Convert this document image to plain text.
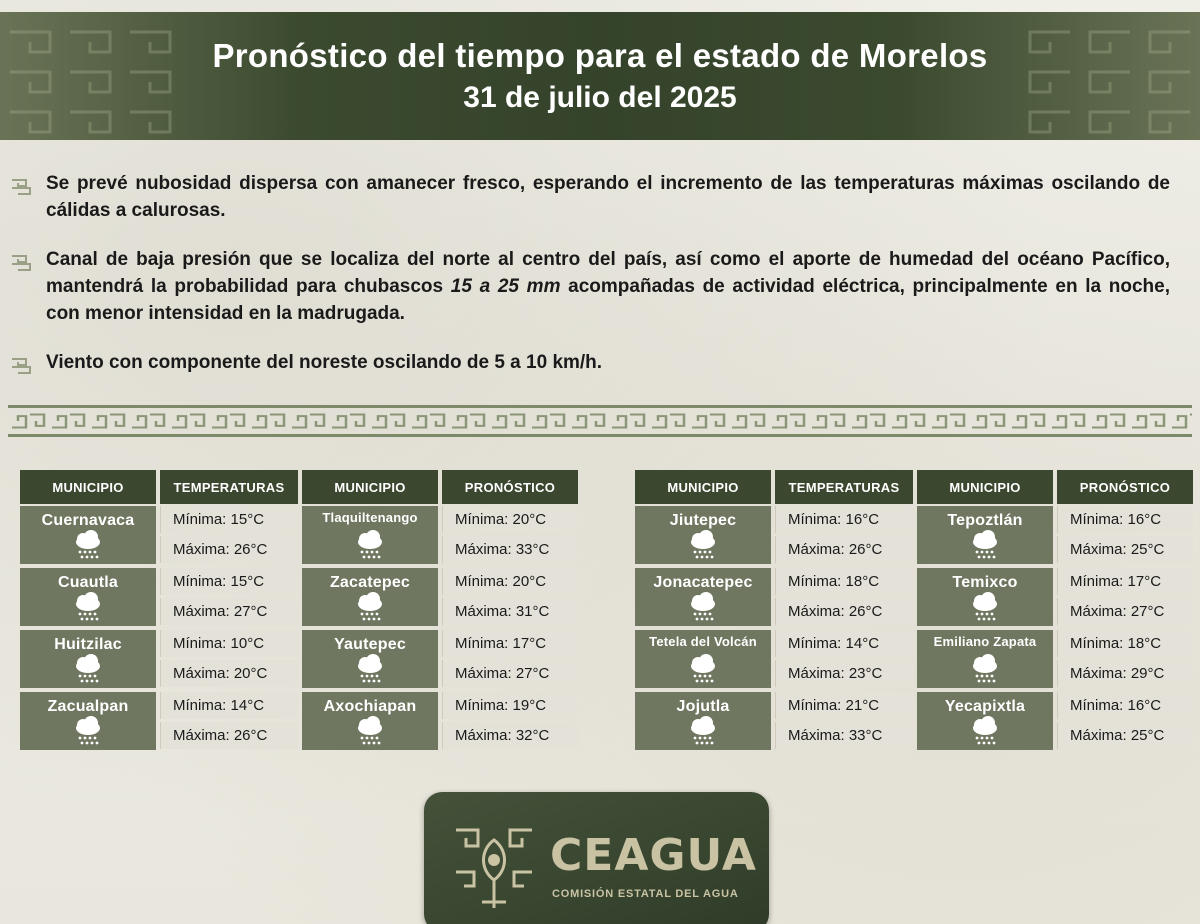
Pronóstico del tiempo para el estado de Morelos
31 de julio del 2025
Se prevé nubosidad dispersa con amanecer fresco, esperando el incremento de las temperaturas máximas oscilando de cálidas a calurosas.
Canal de baja presión que se localiza del norte al centro del país, así como el aporte de humedad del océano Pacífico, mantendrá la probabilidad para chubascos 15 a 25 mm acompañadas de actividad eléctrica, principalmente en la noche, con menor intensidad en la madrugada.
Viento con componente del noreste oscilando de 5 a 10 km/h.
MUNICIPIO	TEMPERATURAS	MUNICIPIO	PRONÓSTICO
Cuernavaca	Mínima: 15°C
Máxima: 26°C
Tlaquiltenango	Mínima: 20°C
Máxima: 33°C
Cuautla	Mínima: 15°C
Máxima: 27°C
Zacatepec	Mínima: 20°C
Máxima: 31°C
Huitzilac	Mínima: 10°C
Máxima: 20°C
Yautepec	Mínima: 17°C
Máxima: 27°C
Zacualpan	Mínima: 14°C
Máxima: 26°C
Axochiapan	Mínima: 19°C
Máxima: 32°C
MUNICIPIO	TEMPERATURAS	MUNICIPIO	PRONÓSTICO
Jiutepec	Mínima: 16°C
Máxima: 26°C
Tepoztlán	Mínima: 16°C
Máxima: 25°C
Jonacatepec	Mínima: 18°C
Máxima: 26°C
Temixco	Mínima: 17°C
Máxima: 27°C
Tetela del Volcán	Mínima: 14°C
Máxima: 23°C
Emiliano Zapata	Mínima: 18°C
Máxima: 29°C
Jojutla	Mínima: 21°C
Máxima: 33°C
Yecapixtla	Mínima: 16°C
Máxima: 25°C
CEAGUA
COMISIÓN ESTATAL DEL AGUA
